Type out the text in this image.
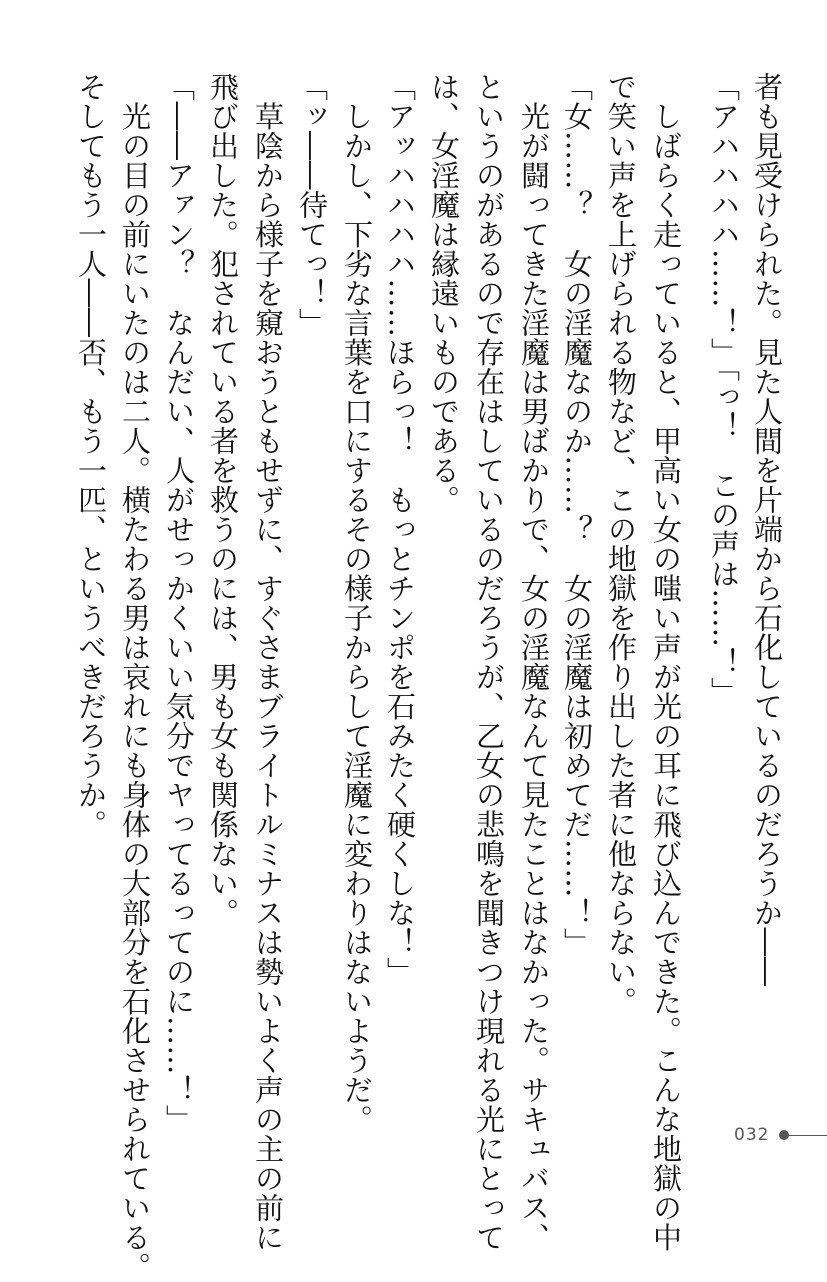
者も見受けられた。見た人間を片端から石化しているのだろうか――
「アハハハハ……！」「っ！　この声は……！」
　しばらく走っていると、甲高い女の嗤い声が光の耳に飛び込んできた。こんな地獄の中
で笑い声を上げられる物など、この地獄を作り出した者に他ならない。
「女……？　女の淫魔なのか……？　女の淫魔は初めてだ……！」
　光が闘ってきた淫魔は男ばかりで、女の淫魔なんて見たことはなかった。サキュバス、
というのがあるので存在はしているのだろうが、乙女の悲鳴を聞きつけ現れる光にとって
は、女淫魔は縁遠いものである。
「アッハハハハ……ほらっ！　もっとチンポを石みたく硬くしな！」
　しかし、下劣な言葉を口にするその様子からして淫魔に変わりはないようだ。
「ッ――待てっ！」
　草陰から様子を窺おうともせずに、すぐさまブライトルミナスは勢いよく声の主の前に
飛び出した。犯されている者を救うのには、男も女も関係ない。
「――アァン？　なんだい、人がせっかくいい気分でヤってるってのに……！」
　光の目の前にいたのは二人。横たわる男は哀れにも身体の大部分を石化させられている。
そしてもう一人――否、もう一匹、というべきだろうか。
032
